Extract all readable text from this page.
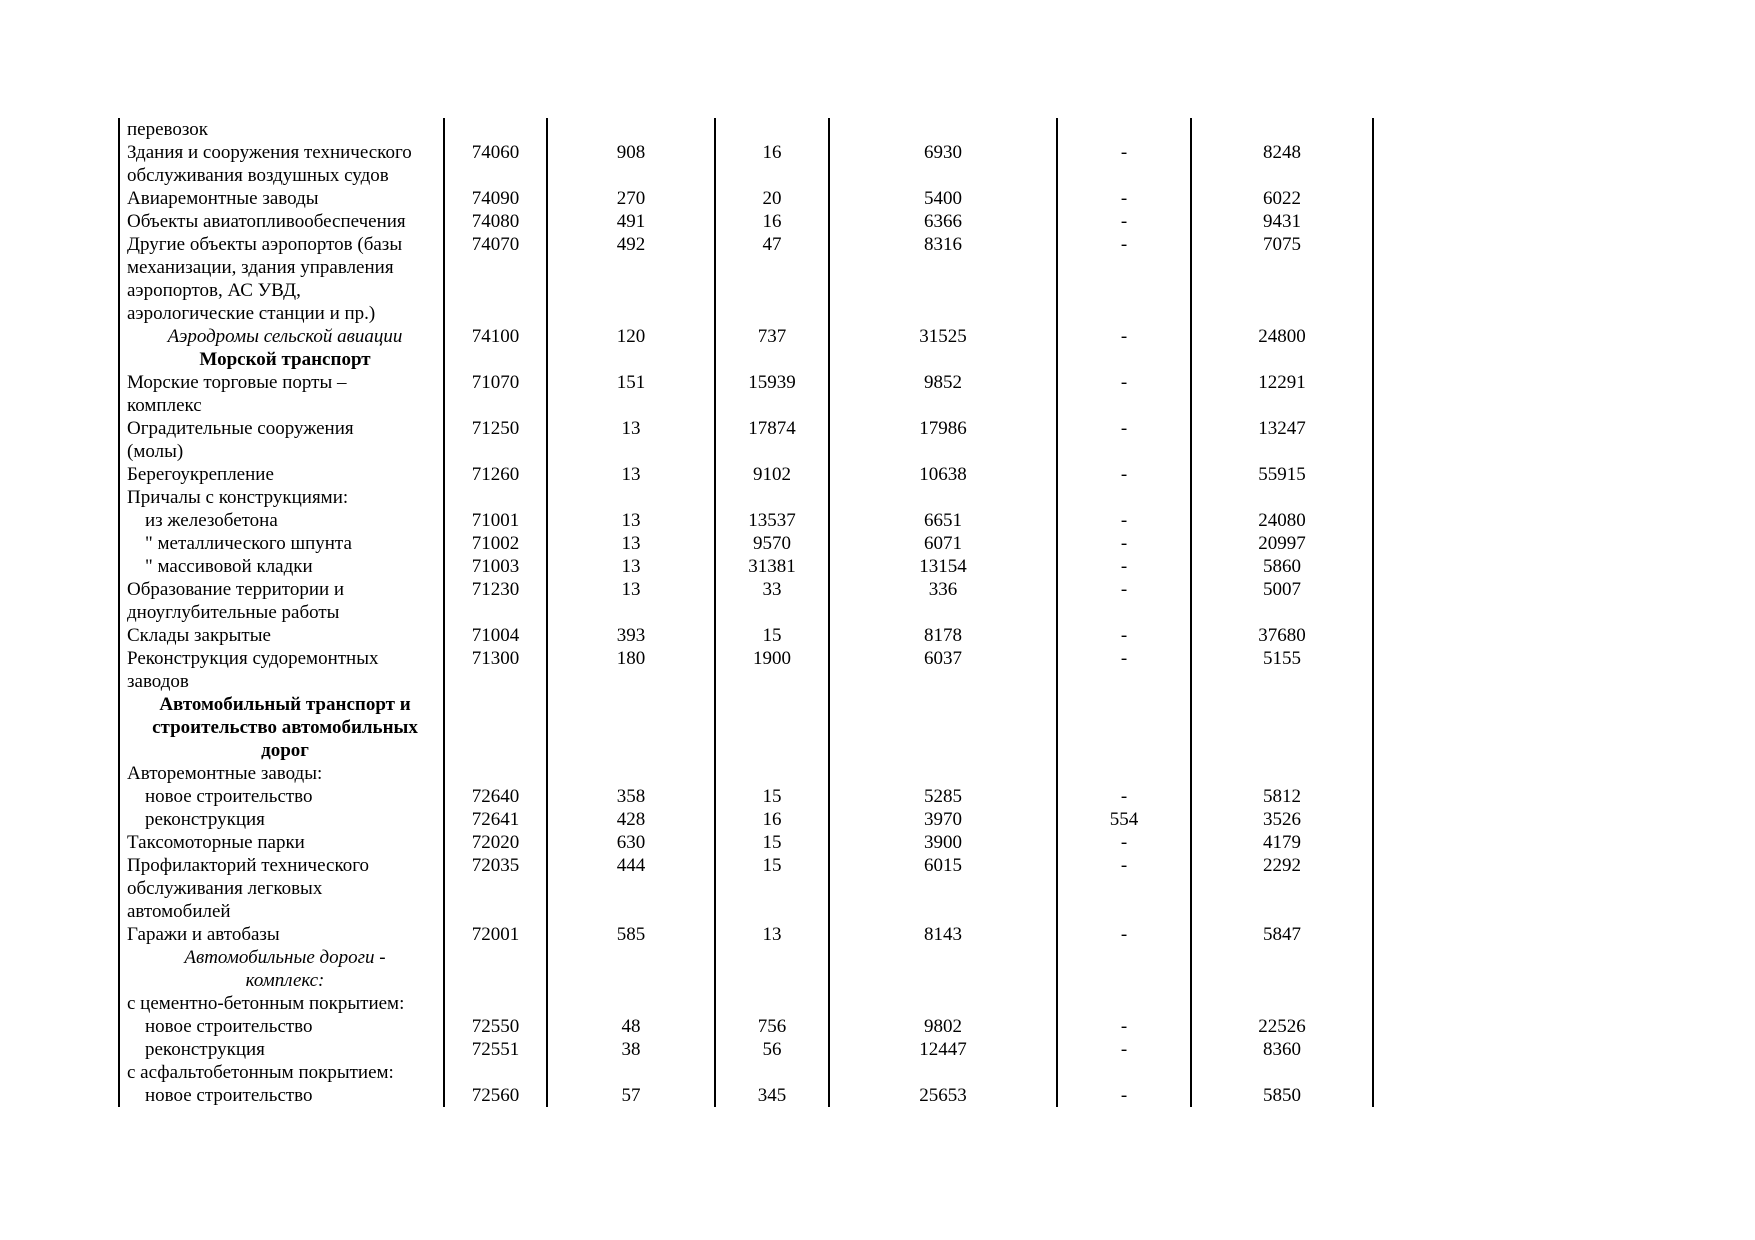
перевозок						
Здания и сооружения технического	74060	908	16	6930	-	8248
обслуживания воздушных судов						
Авиаремонтные заводы	74090	270	20	5400	-	6022
Объекты авиатопливообеспечения	74080	491	16	6366	-	9431
Другие объекты аэропортов (базы	74070	492	47	8316	-	7075
механизации, здания управления						
аэропортов, АС УВД,						
аэрологические станции и пр.)						

Аэродромы сельской авиации	74100	120	737	31525	-	24800

Морской транспорт						

Морские торговые порты –	71070	151	15939	9852	-	12291
комплекс						
Оградительные сооружения	71250	13	17874	17986	-	13247
(молы)						
Берегоукрепление	71260	13	9102	10638	-	55915
Причалы с конструкциями:						
из железобетона	71001	13	13537	6651	-	24080
" металлического шпунта	71002	13	9570	6071	-	20997
" массивовой кладки	71003	13	31381	13154	-	5860
Образование территории и	71230	13	33	336	-	5007
дноуглубительные работы						
Склады закрытые	71004	393	15	8178	-	37680
Реконструкция судоремонтных	71300	180	1900	6037	-	5155
заводов						

Автомобильный транспорт и						

строительство автомобильных						

дорог						

Авторемонтные заводы:						
новое строительство	72640	358	15	5285	-	5812
реконструкция	72641	428	16	3970	554	3526
Таксомоторные парки	72020	630	15	3900	-	4179
Профилакторий технического	72035	444	15	6015	-	2292
обслуживания легковых						
автомобилей						
Гаражи и автобазы	72001	585	13	8143	-	5847

Автомобильные дороги -						

комплекс:						

с цементно-бетонным покрытием:						
новое строительство	72550	48	756	9802	-	22526
реконструкция	72551	38	56	12447	-	8360
с асфальтобетонным покрытием:						
новое строительство	72560	57	345	25653	-	5850
